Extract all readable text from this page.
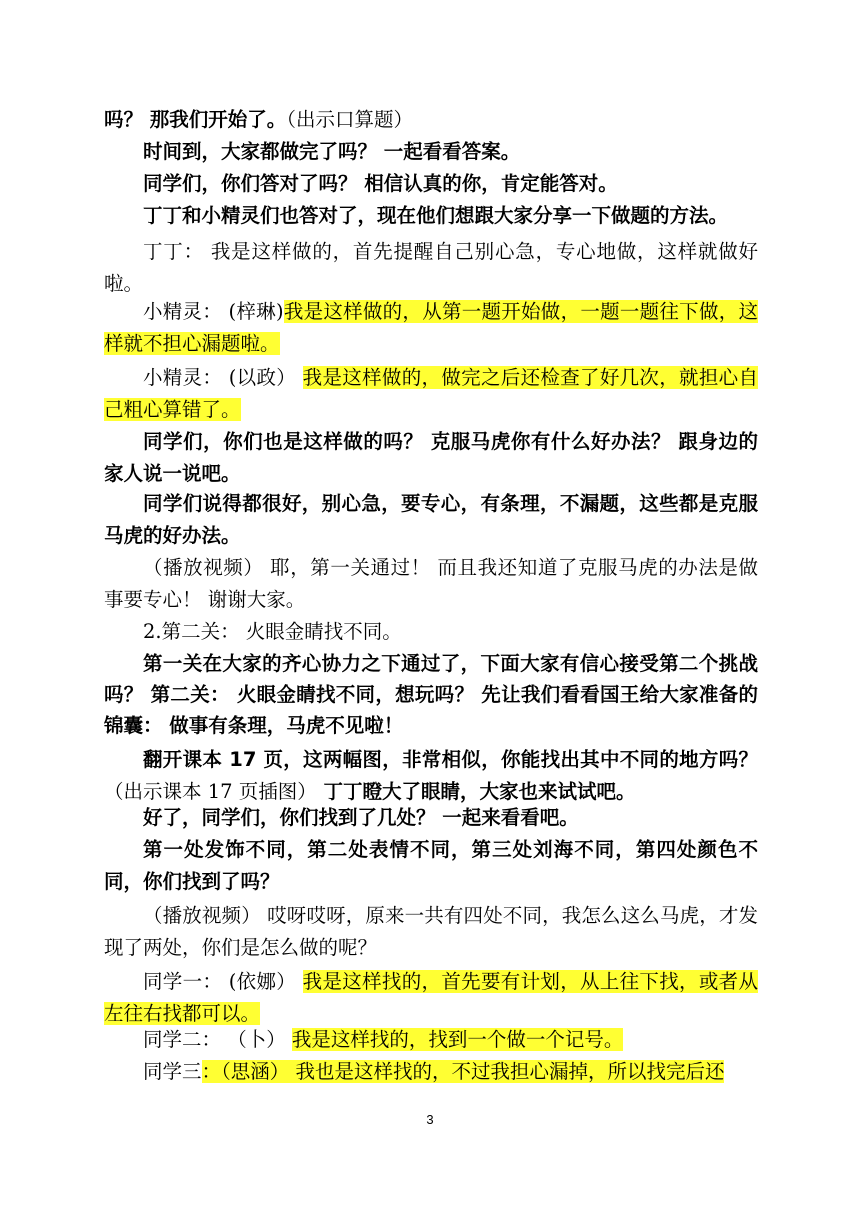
吗？ 那我们开始了。（出示口算题）

时间到，大家都做完了吗？ 一起看看答案。

同学们，你们答对了吗？ 相信认真的你，肯定能答对。

丁丁和小精灵们也答对了，现在他们想跟大家分享一下做题的方法。

丁丁： 我是这样做的，首先提醒自己别心急，专心地做，这样就做好啦。

小精灵： (梓琳)我是这样做的，从第一题开始做，一题一题往下做，这样就不担心漏题啦。

小精灵： (以政） 我是这样做的，做完之后还检查了好几次，就担心自己粗心算错了。

同学们，你们也是这样做的吗？ 克服马虎你有什么好办法？ 跟身边的家人说一说吧。

同学们说得都很好，别心急，要专心，有条理，不漏题，这些都是克服马虎的好办法。

（播放视频） 耶，第一关通过！ 而且我还知道了克服马虎的办法是做事要专心！ 谢谢大家。

2.第二关： 火眼金睛找不同。

第一关在大家的齐心协力之下通过了，下面大家有信心接受第二个挑战吗？ 第二关： 火眼金睛找不同，想玩吗？ 先让我们看看国王给大家准备的锦囊： 做事有条理，马虎不见啦！

翻开课本 17 页，这两幅图，非常相似，你能找出其中不同的地方吗？（出示课本 17 页插图） 丁丁瞪大了眼睛，大家也来试试吧。

好了，同学们，你们找到了几处？ 一起来看看吧。

第一处发饰不同，第二处表情不同，第三处刘海不同，第四处颜色不同，你们找到了吗？

（播放视频） 哎呀哎呀，原来一共有四处不同，我怎么这么马虎，才发现了两处，你们是怎么做的呢？

同学一： (依娜） 我是这样找的，首先要有计划，从上往下找，或者从左往右找都可以。

同学二： （卜） 我是这样找的，找到一个做一个记号。

同学三：（思涵） 我也是这样找的，不过我担心漏掉，所以找完后还

3
